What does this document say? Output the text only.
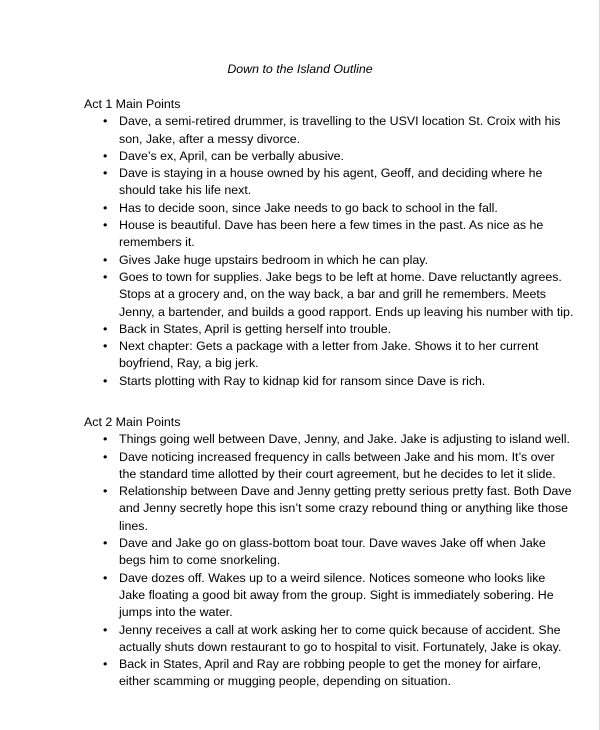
Down to the Island Outline

Act 1 Main Points

• Dave, a semi-retired drummer, is travelling to the USVI location St. Croix with his son, Jake, after a messy divorce.
• Dave’s ex, April, can be verbally abusive.
• Dave is staying in a house owned by his agent, Geoff, and deciding where he should take his life next.
• Has to decide soon, since Jake needs to go back to school in the fall.
• House is beautiful. Dave has been here a few times in the past. As nice as he remembers it.
• Gives Jake huge upstairs bedroom in which he can play.
• Goes to town for supplies. Jake begs to be left at home. Dave reluctantly agrees. Stops at a grocery and, on the way back, a bar and grill he remembers. Meets Jenny, a bartender, and builds a good rapport. Ends up leaving his number with tip.
• Back in States, April is getting herself into trouble.
• Next chapter: Gets a package with a letter from Jake. Shows it to her current boyfriend, Ray, a big jerk.
• Starts plotting with Ray to kidnap kid for ransom since Dave is rich.

Act 2 Main Points

• Things going well between Dave, Jenny, and Jake. Jake is adjusting to island well.
• Dave noticing increased frequency in calls between Jake and his mom. It’s over the standard time allotted by their court agreement, but he decides to let it slide.
• Relationship between Dave and Jenny getting pretty serious pretty fast. Both Dave and Jenny secretly hope this isn’t some crazy rebound thing or anything like those lines.
• Dave and Jake go on glass-bottom boat tour. Dave waves Jake off when Jake begs him to come snorkeling.
• Dave dozes off. Wakes up to a weird silence. Notices someone who looks like Jake floating a good bit away from the group. Sight is immediately sobering. He jumps into the water.
• Jenny receives a call at work asking her to come quick because of accident. She actually shuts down restaurant to go to hospital to visit. Fortunately, Jake is okay.
• Back in States, April and Ray are robbing people to get the money for airfare, either scamming or mugging people, depending on situation.
